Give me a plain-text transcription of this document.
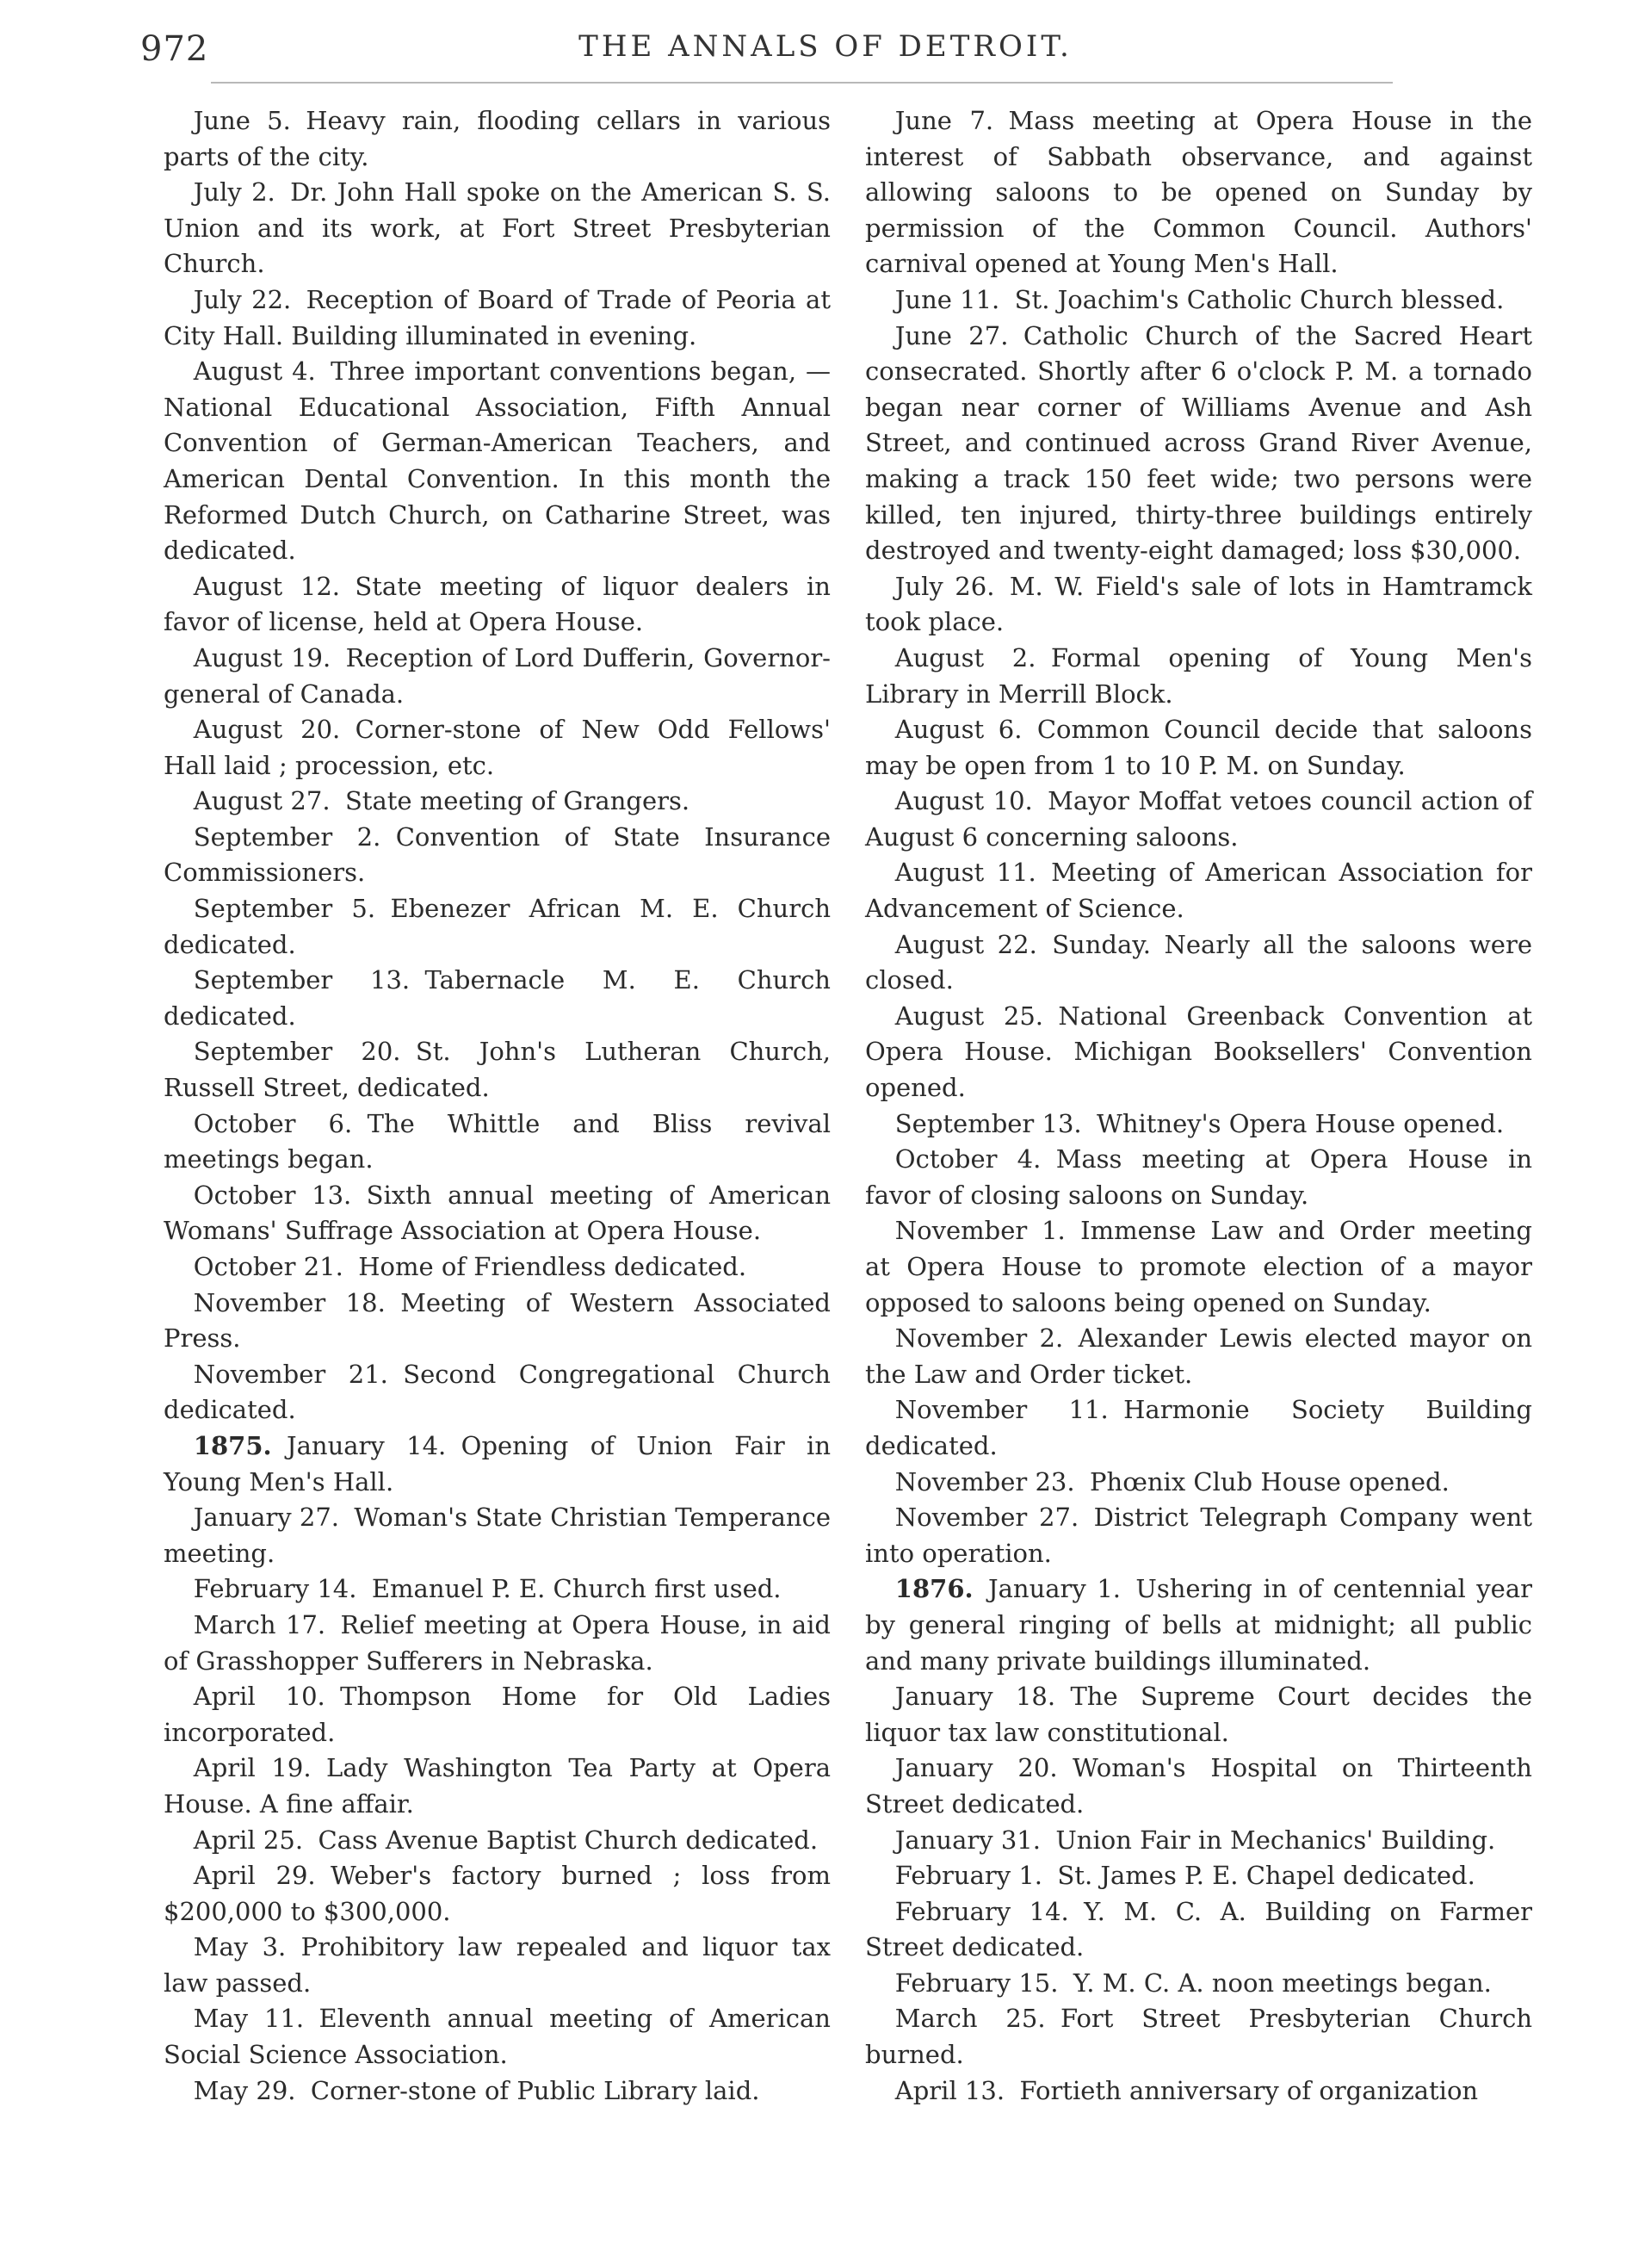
972	THE ANNALS OF DETROIT.

June 5. Heavy rain, flooding cellars in various parts of the city.

July 2. Dr. John Hall spoke on the American S. S. Union and its work, at Fort Street Presbyterian Church.

July 22. Reception of Board of Trade of Peoria at City Hall. Building illuminated in evening.

August 4. Three important conventions began, —National Educational Association, Fifth Annual Convention of German-American Teachers, and American Dental Convention. In this month the Reformed Dutch Church, on Catharine Street, was dedicated.

August 12. State meeting of liquor dealers in favor of license, held at Opera House.

August 19. Reception of Lord Dufferin, Governor-general of Canada.

August 20. Corner-stone of New Odd Fellows' Hall laid ; procession, etc.

August 27. State meeting of Grangers.

September 2. Convention of State Insurance Commissioners.

September 5. Ebenezer African M. E. Church dedicated.

September 13. Tabernacle M. E. Church dedicated.

September 20. St. John's Lutheran Church, Russell Street, dedicated.

October 6. The Whittle and Bliss revival meetings began.

October 13. Sixth annual meeting of American Womans' Suffrage Association at Opera House.

October 21. Home of Friendless dedicated.

November 18. Meeting of Western Associated Press.

November 21. Second Congregational Church dedicated.

1875. January 14. Opening of Union Fair in Young Men's Hall.

January 27. Woman's State Christian Temperance meeting.

February 14. Emanuel P. E. Church first used.

March 17. Relief meeting at Opera House, in aid of Grasshopper Sufferers in Nebraska.

April 10. Thompson Home for Old Ladies incorporated.

April 19. Lady Washington Tea Party at Opera House. A fine affair.

April 25. Cass Avenue Baptist Church dedicated.

April 29. Weber's factory burned ; loss from $200,000 to $300,000.

May 3. Prohibitory law repealed and liquor tax law passed.

May 11. Eleventh annual meeting of American Social Science Association.

May 29. Corner-stone of Public Library laid.

June 7. Mass meeting at Opera House in the interest of Sabbath observance, and against allowing saloons to be opened on Sunday by permission of the Common Council. Authors' carnival opened at Young Men's Hall.

June 11. St. Joachim's Catholic Church blessed.

June 27. Catholic Church of the Sacred Heart consecrated. Shortly after 6 o'clock P. M. a tornado began near corner of Williams Avenue and Ash Street, and continued across Grand River Avenue, making a track 150 feet wide; two persons were killed, ten injured, thirty-three buildings entirely destroyed and twenty-eight damaged; loss $30,000.

July 26. M. W. Field's sale of lots in Hamtramck took place.

August 2. Formal opening of Young Men's Library in Merrill Block.

August 6. Common Council decide that saloons may be open from 1 to 10 P. M. on Sunday.

August 10. Mayor Moffat vetoes council action of August 6 concerning saloons.

August 11. Meeting of American Association for Advancement of Science.

August 22. Sunday. Nearly all the saloons were closed.

August 25. National Greenback Convention at Opera House. Michigan Booksellers' Convention opened.

September 13. Whitney's Opera House opened.

October 4. Mass meeting at Opera House in favor of closing saloons on Sunday.

November 1. Immense Law and Order meeting at Opera House to promote election of a mayor opposed to saloons being opened on Sunday.

November 2. Alexander Lewis elected mayor on the Law and Order ticket.

November 11. Harmonie Society Building dedicated.

November 23. Phœnix Club House opened.

November 27. District Telegraph Company went into operation.

1876. January 1. Ushering in of centennial year by general ringing of bells at midnight; all public and many private buildings illuminated.

January 18. The Supreme Court decides the liquor tax law constitutional.

January 20. Woman's Hospital on Thirteenth Street dedicated.

January 31. Union Fair in Mechanics' Building.

February 1. St. James P. E. Chapel dedicated.

February 14. Y. M. C. A. Building on Farmer Street dedicated.

February 15. Y. M. C. A. noon meetings began.

March 25. Fort Street Presbyterian Church burned.

April 13. Fortieth anniversary of organization
